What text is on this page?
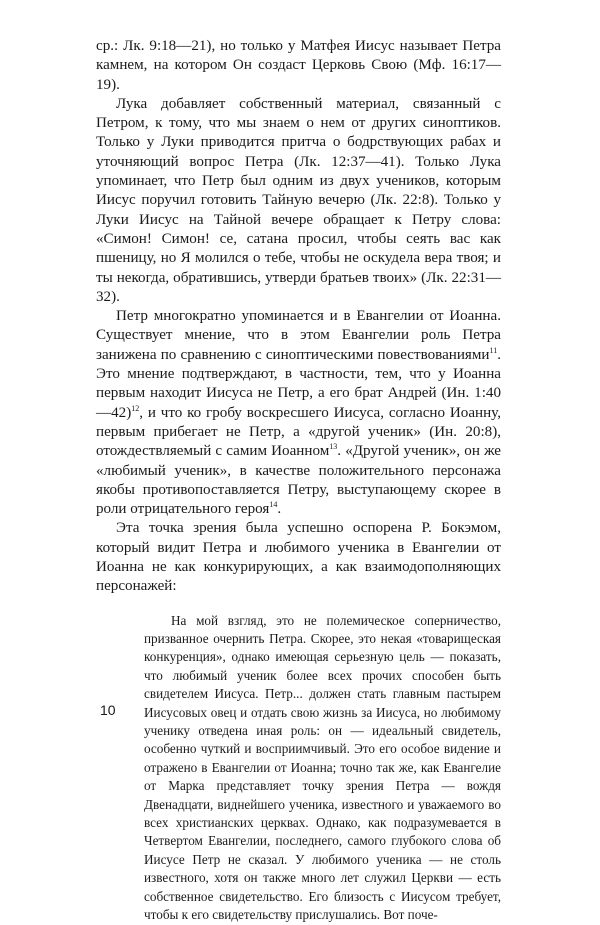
ср.: Лк. 9:18—21), но только у Матфея Иисус называет Петра камнем, на котором Он создаст Церковь Свою (Мф. 16:17—19).

Лука добавляет собственный материал, связанный с Петром, к тому, что мы знаем о нем от других синоптиков. Только у Луки приводится притча о бодрствующих рабах и уточняющий вопрос Петра (Лк. 12:37—41). Только Лука упоминает, что Петр был одним из двух учеников, которым Иисус поручил готовить Тайную вечерю (Лк. 22:8). Только у Луки Иисус на Тайной вечере обращает к Петру слова: «Симон! Симон! се, сатана просил, чтобы сеять вас как пшеницу, но Я молился о тебе, чтобы не оскудела вера твоя; и ты некогда, обратившись, утверди братьев твоих» (Лк. 22:31—32).

Петр многократно упоминается и в Евангелии от Иоанна. Существует мнение, что в этом Евангелии роль Петра занижена по сравнению с синоптическими повествованиями$^{11}$. Это мнение подтверждают, в частности, тем, что у Иоанна первым находит Иисуса не Петр, а его брат Андрей (Ин. 1:40—42)$^{12}$, и что ко гробу воскресшего Иисуса, согласно Иоанну, первым прибегает не Петр, а «другой ученик» (Ин. 20:8), отождествляемый с самим Иоанном$^{13}$. «Другой ученик», он же «любимый ученик», в качестве положительного персонажа якобы противопоставляется Петру, выступающему скорее в роли отрицательного героя$^{14}$.

Эта точка зрения была успешно оспорена Р. Бокэмом, который видит Петра и любимого ученика в Евангелии от Иоанна не как конкурирующих, а как взаимодополняющих персонажей:

На мой взгляд, это не полемическое соперничество, призванное очернить Петра. Скорее, это некая «товарищеская конкуренция», однако имеющая серьезную цель — показать, что любимый ученик более всех прочих способен быть свидетелем Иисуса. Петр... должен стать главным пастырем Иисусовых овец и отдать свою жизнь за Иисуса, но любимому ученику отведена иная роль: он — идеальный свидетель, особенно чуткий и восприимчивый. Это его особое видение и отражено в Евангелии от Иоанна; точно так же, как Евангелие от Марка представляет точку зрения Петра — вождя Двенадцати, виднейшего ученика, известного и уважаемого во всех христианских церквах. Однако, как подразумевается в Четвертом Евангелии, последнего, самого глубокого слова об Иисусе Петр не сказал. У любимого ученика — не столь известного, хотя он также много лет служил Церкви — есть собственное свидетельство. Его близость с Иисусом требует, чтобы к его свидетельству прислушались. Вот поче-

10
